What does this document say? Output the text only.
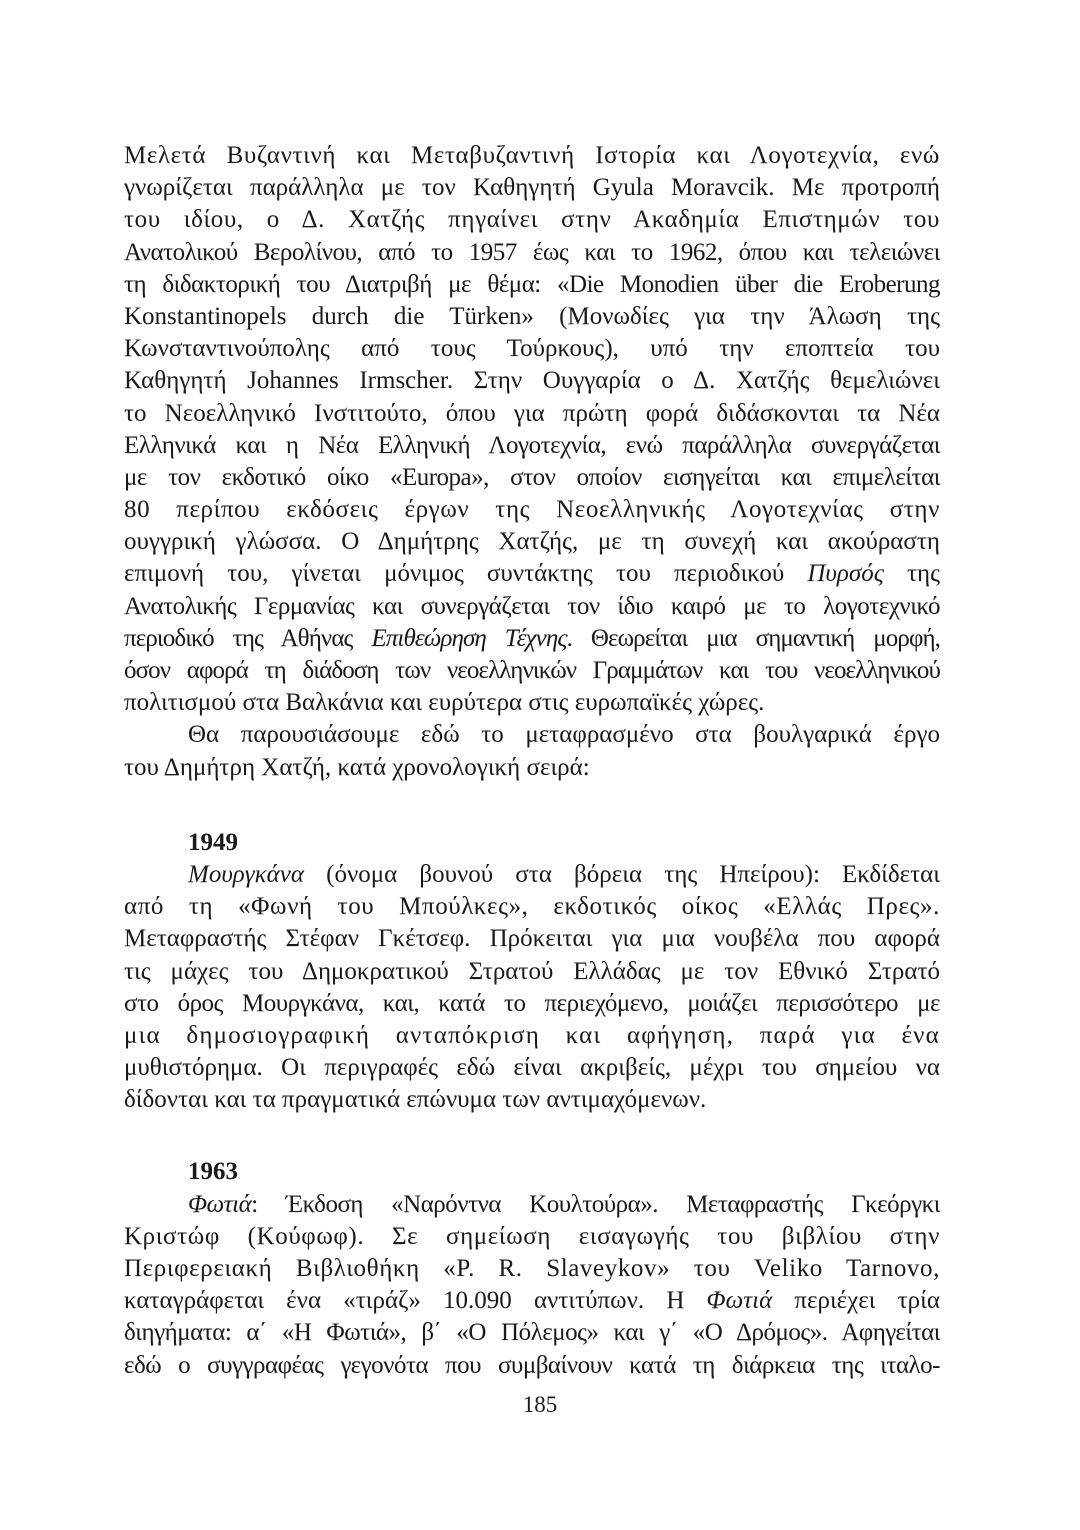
Μελετά Βυζαντινή και Μεταβυζαντινή Ιστορία και Λογοτεχνία, ενώ
γνωρίζεται παράλληλα με τον Καθηγητή Gyula Moravcik. Με προτροπή
του ιδίου, ο Δ. Χατζής πηγαίνει στην Ακαδημία Επιστημών του
Ανατολικού Βερολίνου, από το 1957 έως και το 1962, όπου και τελειώνει
τη διδακτορική του Διατριβή με θέμα: «Die Monodien über die Eroberung
Konstantinopels durch die Türken» (Μονωδίες για την Άλωση της
Κωνσταντινούπολης από τους Τούρκους), υπό την εποπτεία του
Καθηγητή Johannes Irmscher. Στην Ουγγαρία ο Δ. Χατζής θεμελιώνει
το Νεοελληνικό Ινστιτούτο, όπου για πρώτη φορά διδάσκονται τα Νέα
Ελληνικά και η Νέα Ελληνική Λογοτεχνία, ενώ παράλληλα συνεργάζεται
με τον εκδοτικό οίκο «Europa», στον οποίον εισηγείται και επιμελείται
80 περίπου εκδόσεις έργων της Νεοελληνικής Λογοτεχνίας στην
ουγγρική γλώσσα. Ο Δημήτρης Χατζής, με τη συνεχή και ακούραστη
επιμονή του, γίνεται μόνιμος συντάκτης του περιοδικού Πυρσός της
Ανατολικής Γερμανίας και συνεργάζεται τον ίδιο καιρό με το λογοτεχνικό
περιοδικό της Αθήνας Επιθεώρηση Τέχνης. Θεωρείται μια σημαντική μορφή,
όσον αφορά τη διάδοση των νεοελληνικών Γραμμάτων και του νεοελληνικού
πολιτισμού στα Βαλκάνια και ευρύτερα στις ευρωπαϊκές χώρες.
Θα παρουσιάσουμε εδώ το μεταφρασμένο στα βουλγαρικά έργο
του Δημήτρη Χατζή, κατά χρονολογική σειρά:
1949
Μουργκάνα (όνομα βουνού στα βόρεια της Ηπείρου): Εκδίδεται
από τη «Φωνή του Μπούλκες», εκδοτικός οίκος «Ελλάς Πρες».
Μεταφραστής Στέφαν Γκέτσεφ. Πρόκειται για μια νουβέλα που αφορά
τις μάχες του Δημοκρατικού Στρατού Ελλάδας με τον Εθνικό Στρατό
στο όρος Μουργκάνα, και, κατά το περιεχόμενο, μοιάζει περισσότερο με
μια δημοσιογραφική ανταπόκριση και αφήγηση, παρά για ένα
μυθιστόρημα. Οι περιγραφές εδώ είναι ακριβείς, μέχρι του σημείου να
δίδονται και τα πραγματικά επώνυμα των αντιμαχόμενων.
1963
Φωτιά: Έκδοση «Ναρόντνα Κουλτούρα». Μεταφραστής Γκεόργκι
Κριστώφ (Κούφωφ). Σε σημείωση εισαγωγής του βιβλίου στην
Περιφερειακή Βιβλιοθήκη «P. R. Slaveykov» του Veliko Tarnovo,
καταγράφεται ένα «τιράζ» 10.090 αντιτύπων. Η Φωτιά περιέχει τρία
διηγήματα: α΄ «Η Φωτιά», β΄ «Ο Πόλεμος» και γ΄ «Ο Δρόμος». Αφηγείται
εδώ ο συγγραφέας γεγονότα που συμβαίνουν κατά τη διάρκεια της ιταλο-
185
